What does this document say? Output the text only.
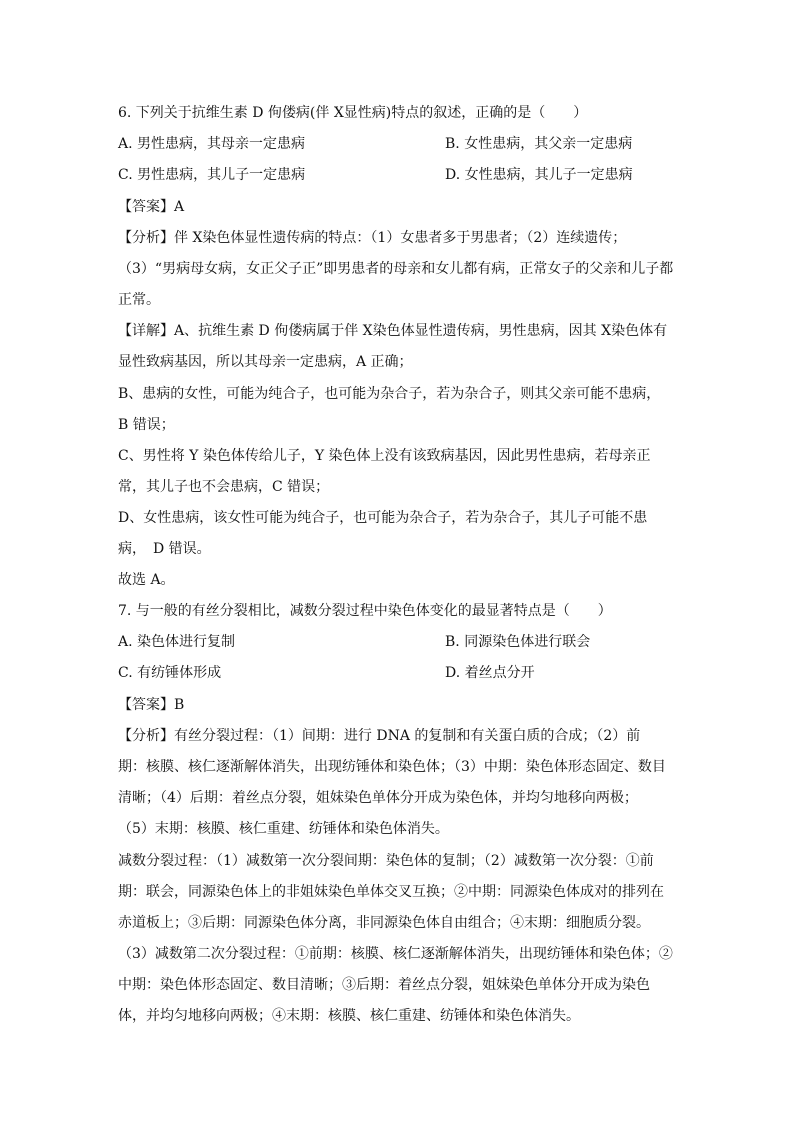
6. 下列关于抗维生素 D 佝偻病(伴 X显性病)特点的叙述，正确的是（　　）
A. 男性患病，其母亲一定患病	B. 女性患病，其父亲一定患病
C. 男性患病，其儿子一定患病	D. 女性患病，其儿子一定患病
【答案】A
【分析】伴 X染色体显性遗传病的特点：（1）女患者多于男患者；（2）连续遗传；
（3）“男病母女病，女正父子正”即男患者的母亲和女儿都有病，正常女子的父亲和儿子都
正常。
【详解】A、抗维生素 D 佝偻病属于伴 X染色体显性遗传病，男性患病，因其 X染色体有
显性致病基因，所以其母亲一定患病，A 正确；
B、患病的女性，可能为纯合子，也可能为杂合子，若为杂合子，则其父亲可能不患病，
B 错误；
C、男性将 Y 染色体传给儿子，Y 染色体上没有该致病基因，因此男性患病，若母亲正
常，其儿子也不会患病，C 错误；
D、女性患病，该女性可能为纯合子，也可能为杂合子，若为杂合子，其儿子可能不患
病，　D 错误。
故选 A。
7. 与一般的有丝分裂相比，减数分裂过程中染色体变化的最显著特点是（　　）
A. 染色体进行复制	B. 同源染色体进行联会
C. 有纺锤体形成	D. 着丝点分开
【答案】B
【分析】有丝分裂过程：（1）间期：进行 DNA 的复制和有关蛋白质的合成；（2）前
期：核膜、核仁逐渐解体消失，出现纺锤体和染色体；（3）中期：染色体形态固定、数目
清晰；（4）后期：着丝点分裂，姐妹染色单体分开成为染色体，并均匀地移向两极；
（5）末期：核膜、核仁重建、纺锤体和染色体消失。
减数分裂过程：（1）减数第一次分裂间期：染色体的复制；（2）减数第一次分裂：①前
期：联会，同源染色体上的非姐妹染色单体交叉互换；②中期：同源染色体成对的排列在
赤道板上；③后期：同源染色体分离，非同源染色体自由组合；④末期：细胞质分裂。
（3）减数第二次分裂过程：①前期：核膜、核仁逐渐解体消失，出现纺锤体和染色体；②
中期：染色体形态固定、数目清晰；③后期：着丝点分裂，姐妹染色单体分开成为染色
体，并均匀地移向两极；④末期：核膜、核仁重建、纺锤体和染色体消失。
